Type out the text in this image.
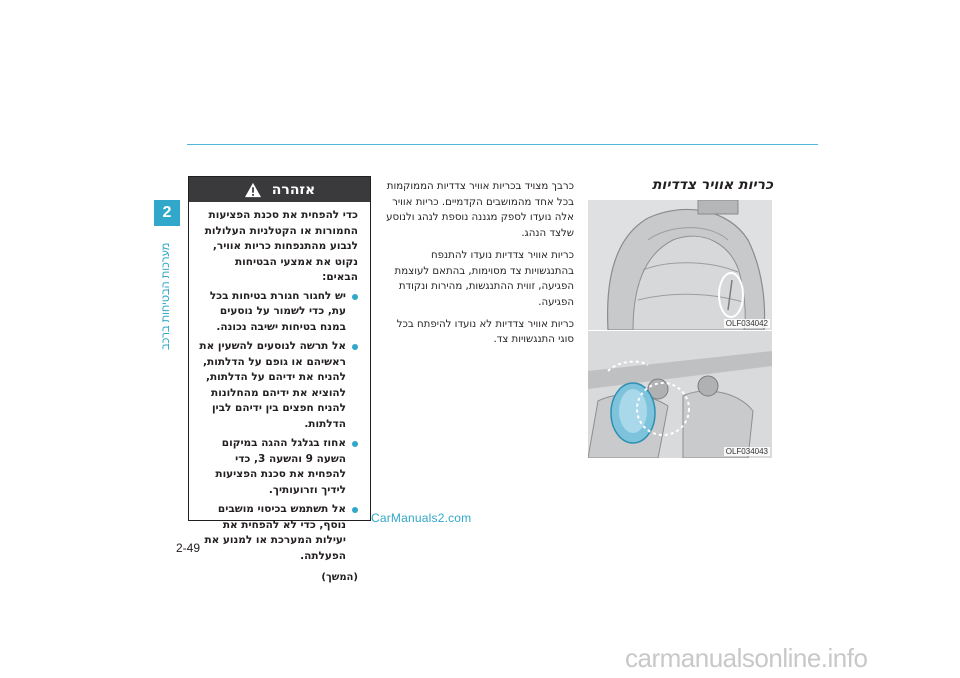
2
מערכות הבטיחות ברכב
אזהרה

כדי להפחית את סכנת הפציעות החמורות או הקטלניות העלולות לנבוע מהתנפחות כריות אוויר, נקוט את אמצעי הבטיחות הבאים:

יש לחגור חגורת בטיחות בכל עת, כדי לשמור על נוסעים במנח בטיחות ישיבה נכונה.
אל תרשה לנוסעים להשעין את ראשיהם או גופם על הדלתות, להניח את ידיהם על הדלתות, להוציא את ידיהם מהחלונות להניח חפצים בין ידיהם לבין הדלתות.
אחוז בגלגל ההגה במיקום השעה 9 והשעה 3, כדי להפחית את סכנת הפציעות לידיך וזרועותיך.
אל תשתמש בכיסוי מושבים נוסף, כדי לא להפחית את יעילות המערכת או למנוע את הפעלתה.
(המשך)

כרבך מצויד בכריות אוויר צדדיות הממוקמות בכל אחד מהמושבים הקדמיים. כריות אוויר אלה נועדו לספק מגננה נוספת לנהג ולנוסע שלצד הנהג.

כריות אוויר צדדיות נועדו להתנפח בהתנגשויות צד מסוימות, בהתאם לעוצמת הפגיעה, זווית ההתנגשות, מהירות ונקודת הפגיעה.

כריות אוויר צדדיות לא נועדו להיפתח בכל סוגי התנגשויות צד.

כריות אוויר צדדיות
OLF034042
OLF034043
2-49
CarManuals2.com
carmanualsonline.info
